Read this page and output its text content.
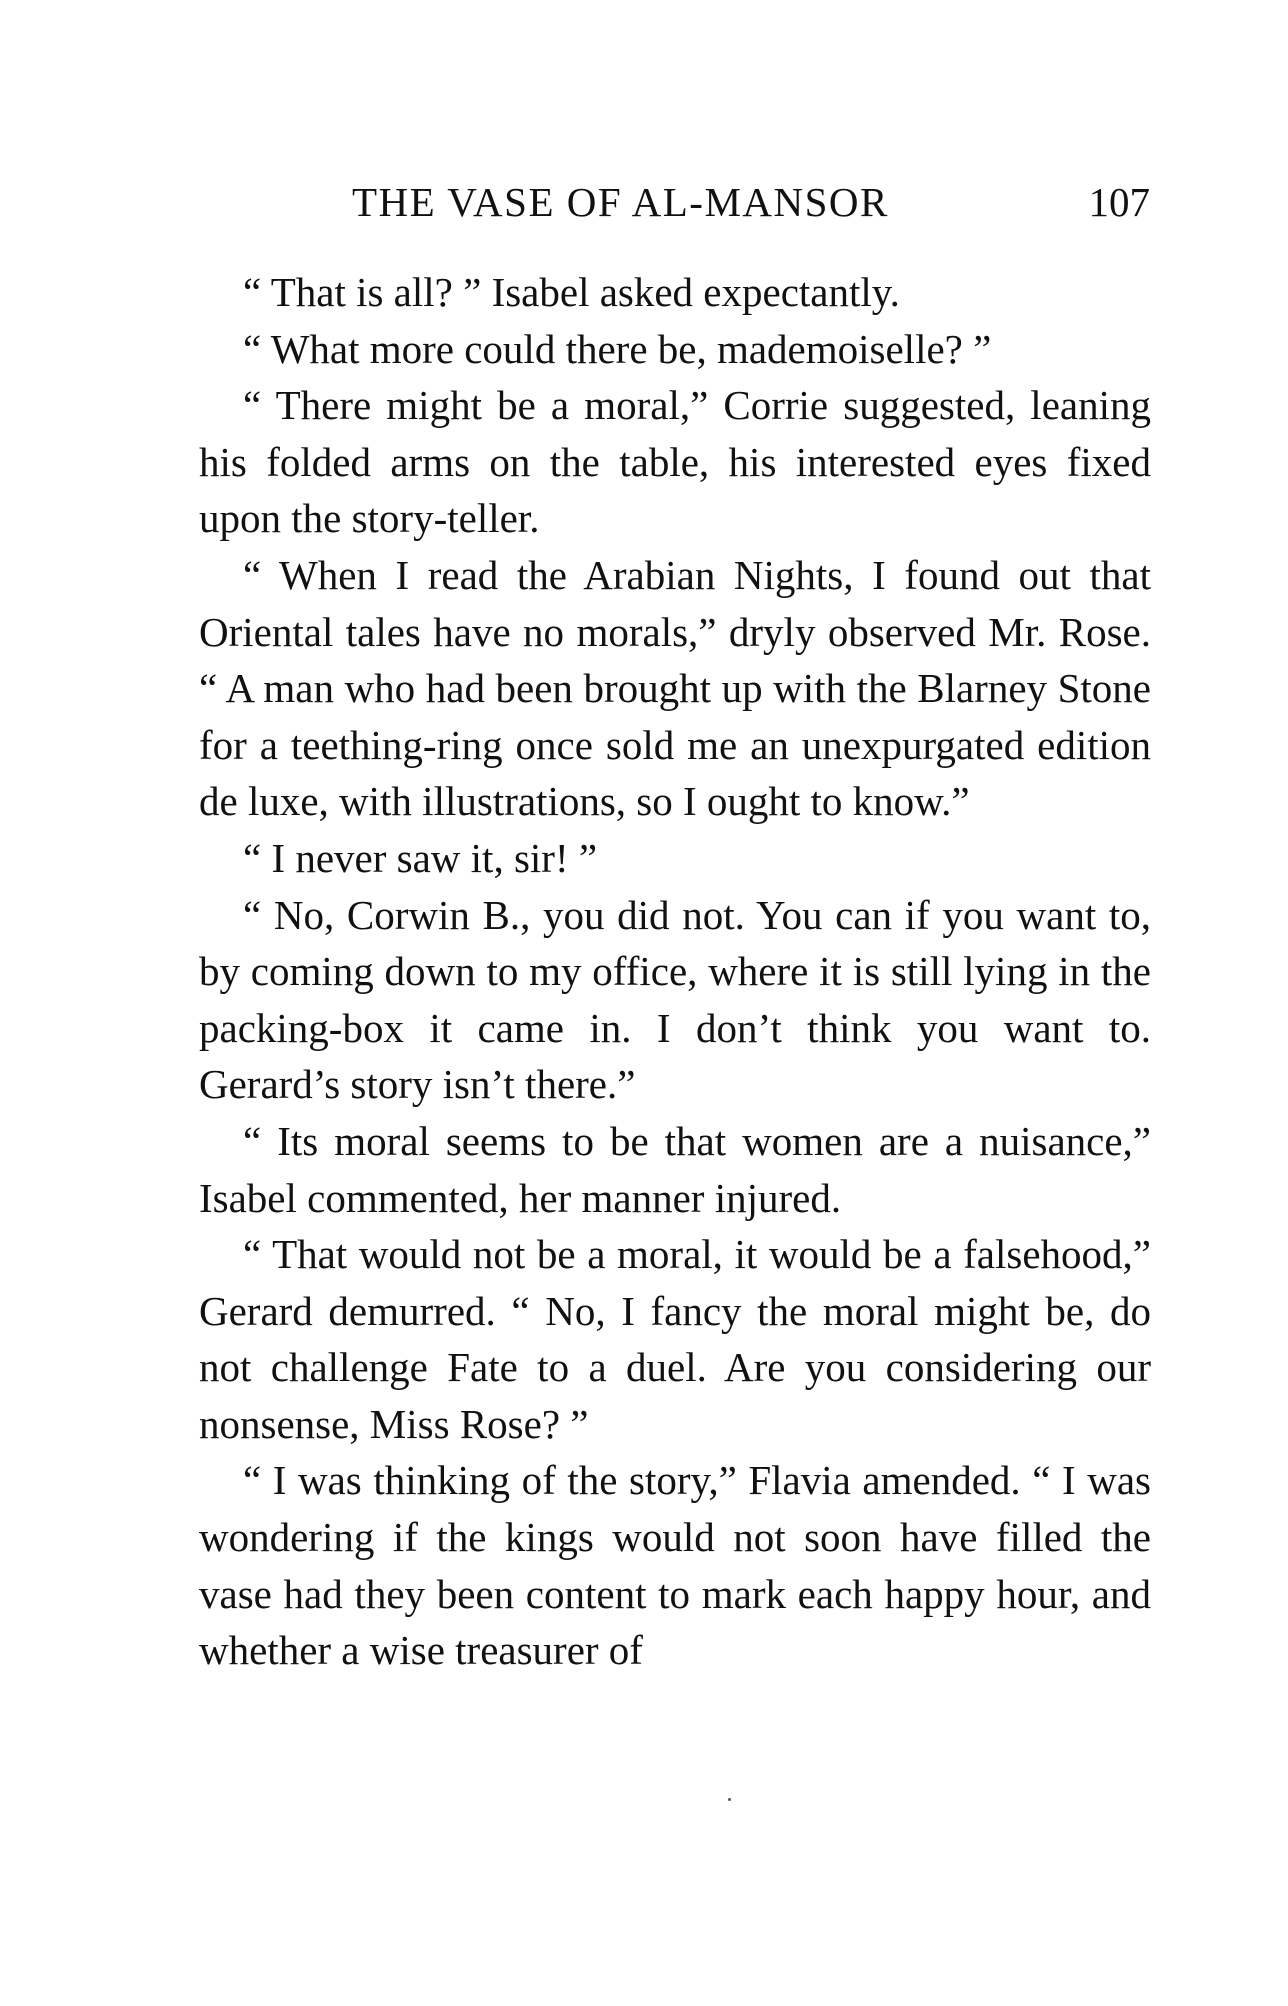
THE VASE OF AL-MANSOR	107

“ That is all? ” Isabel asked expectantly.

“ What more could there be, mademoiselle? ”

“ There might be a moral,” Corrie suggested, leaning his folded arms on the table, his interested eyes fixed upon the story-teller.

“ When I read the Arabian Nights, I found out that Oriental tales have no morals,” dryly observed Mr. Rose. “ A man who had been brought up with the Blarney Stone for a teething-ring once sold me an unexpurgated edition de luxe, with illustrations, so I ought to know.”

“ I never saw it, sir! ”

“ No, Corwin B., you did not. You can if you want to, by coming down to my office, where it is still lying in the packing-box it came in. I don’t think you want to. Gerard’s story isn’t there.”

“ Its moral seems to be that women are a nuisance,” Isabel commented, her manner injured.

“ That would not be a moral, it would be a falsehood,” Gerard demurred. “ No, I fancy the moral might be, do not challenge Fate to a duel. Are you considering our nonsense, Miss Rose? ”

“ I was thinking of the story,” Flavia amended. “ I was wondering if the kings would not soon have filled the vase had they been content to mark each happy hour, and whether a wise treasurer of
